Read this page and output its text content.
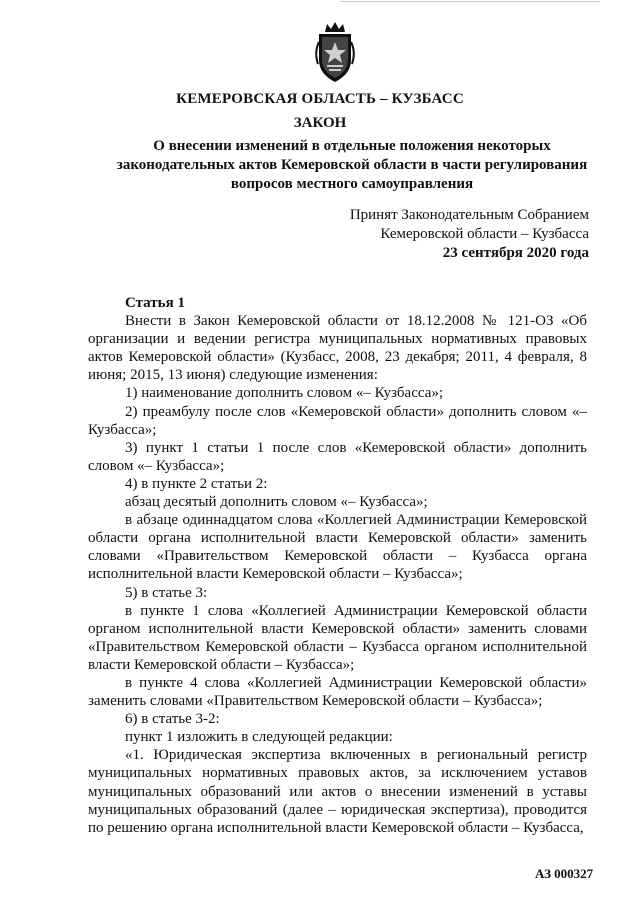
КЕМЕРОВСКАЯ ОБЛАСТЬ – КУЗБАСС
ЗАКОН
О внесении изменений в отдельные положения некоторых
законодательных актов Кемеровской области в части регулирования
вопросов местного самоуправления
Принят Законодательным Собранием
Кемеровской области – Кузбасса
23 сентября 2020 года

Статья 1

Внести в Закон Кемеровской области от 18.12.2008 № 121-ОЗ «Об организации и ведении регистра муниципальных нормативных правовых актов Кемеровской области» (Кузбасс, 2008, 23 декабря; 2011, 4 февраля, 8 июня; 2015, 13 июня) следующие изменения:

1) наименование дополнить словом «– Кузбасса»;

2) преамбулу после слов «Кемеровской области» дополнить словом «– Кузбасса»;

3) пункт 1 статьи 1 после слов «Кемеровской области» дополнить словом «– Кузбасса»;

4) в пункте 2 статьи 2:

абзац десятый дополнить словом «– Кузбасса»;

в абзаце одиннадцатом слова «Коллегией Администрации Кемеровской области органа исполнительной власти Кемеровской области» заменить словами «Правительством Кемеровской области – Кузбасса органа исполнительной власти Кемеровской области – Кузбасса»;

5) в статье 3:

в пункте 1 слова «Коллегией Администрации Кемеровской области органом исполнительной власти Кемеровской области» заменить словами «Правительством Кемеровской области – Кузбасса органом исполнительной власти Кемеровской области – Кузбасса»;

в пункте 4 слова «Коллегией Администрации Кемеровской области» заменить словами «Правительством Кемеровской области – Кузбасса»;

6) в статье 3-2:

пункт 1 изложить в следующей редакции:

«1. Юридическая экспертиза включенных в региональный регистр муниципальных нормативных правовых актов, за исключением уставов муниципальных образований или актов о внесении изменений в уставы муниципальных образований (далее – юридическая экспертиза), проводится по решению органа исполнительной власти Кемеровской области – Кузбасса,

АЗ 000327
